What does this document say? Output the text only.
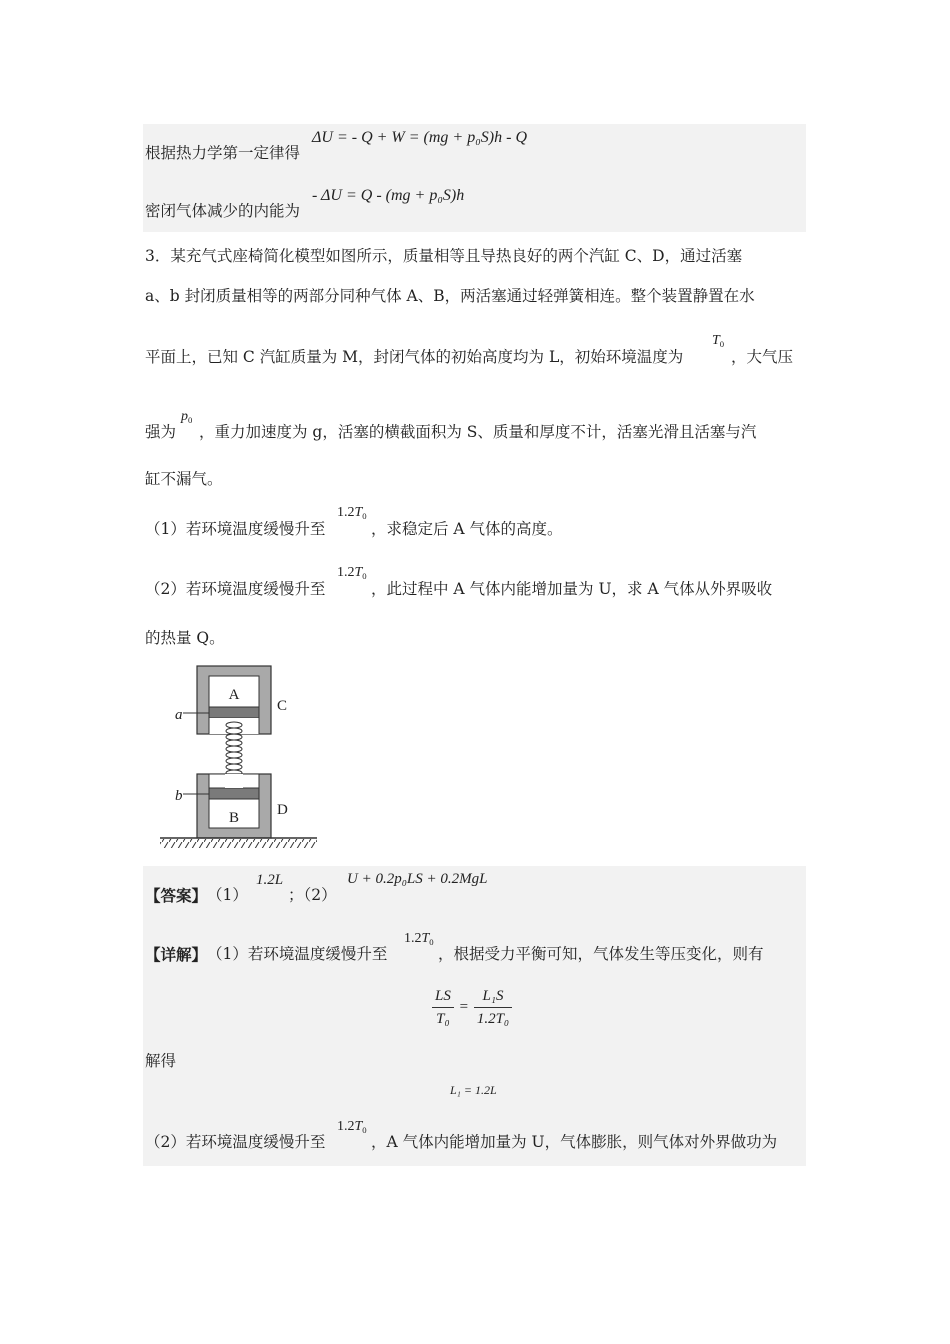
根据热力学第一定律得
ΔU = - Q + W = (mg + p₀S)h - Q
密闭气体减少的内能为
- ΔU = Q - (mg + p₀S)h
3．某充气式座椅简化模型如图所示，质量相等且导热良好的两个汽缸 C、D，通过活塞
a、b 封闭质量相等的两部分同种气体 A、B，两活塞通过轻弹簧相连。整个装置静置在水
平面上，已知 C 汽缸质量为 M，封闭气体的初始高度均为 L，初始环境温度为
$T_0$
，大气压
强为
$p_0$
，重力加速度为 g，活塞的横截面积为 S、质量和厚度不计，活塞光滑且活塞与汽
缸不漏气。
（1）若环境温度缓慢升至
$1.2T_0$
，求稳定后 A 气体的高度。
（2）若环境温度缓慢升至
$1.2T_0$
，此过程中 A 气体内能增加量为 U，求 A 气体从外界吸收
的热量 Q。
A
B
C
D
a
b
【答案】 （1）
1.2L
；（2）
U + 0.2p₀LS + 0.2MgL
【详解】 （1）若环境温度缓慢升至
$1.2T_0$
，根据受力平衡可知，气体发生等压变化，则有
$\frac{LS}{\text{T₀}} = \frac{\text{L₁S}}{\text{1.2T₀}}$
解得
L₁ = 1.2L
（2）若环境温度缓慢升至
$1.2T_0$
，A 气体内能增加量为 U，气体膨胀，则气体对外界做功为
